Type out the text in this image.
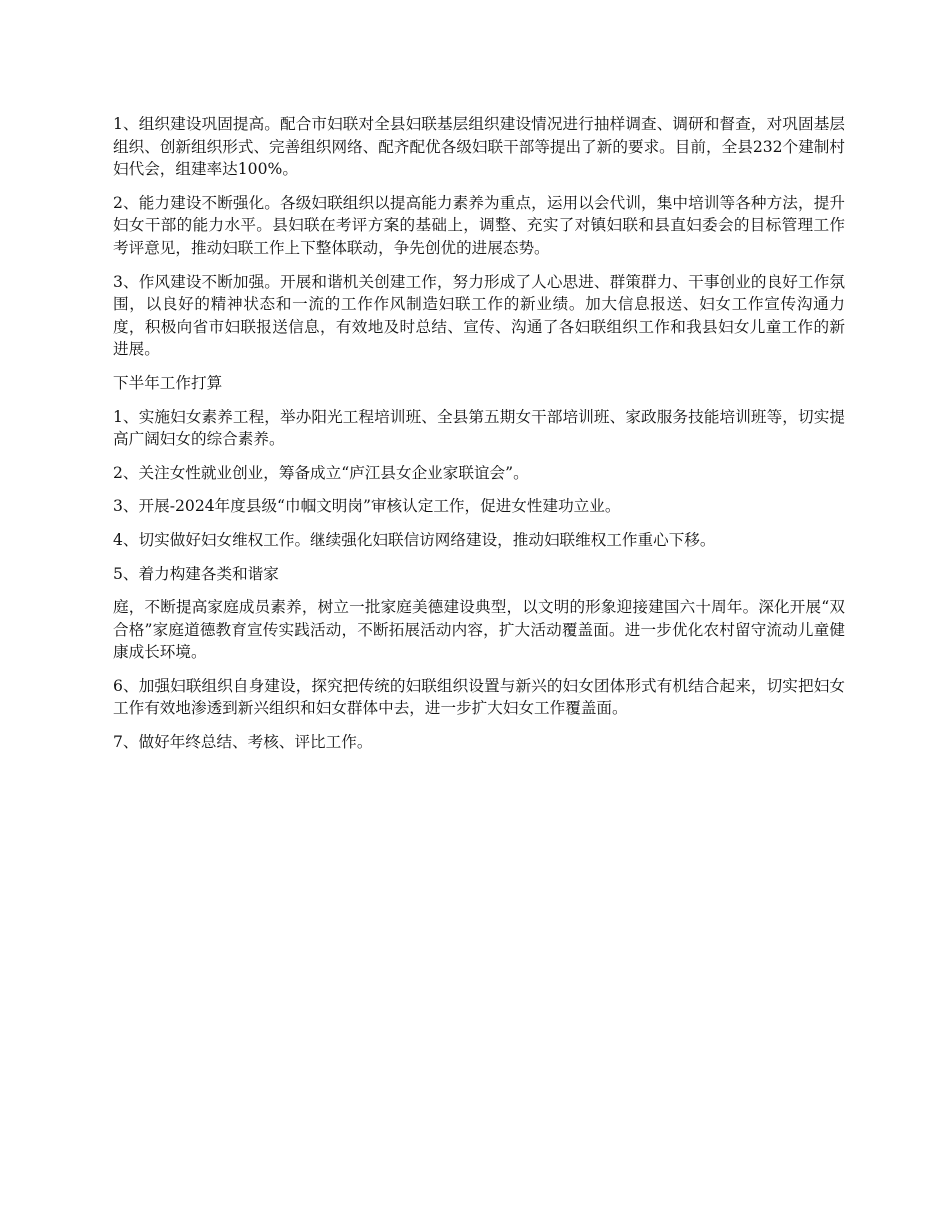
1、组织建设巩固提高。配合市妇联对全县妇联基层组织建设情况进行抽样调查、调研和督查，对巩固基层组织、创新组织形式、完善组织网络、配齐配优各级妇联干部等提出了新的要求。目前，全县232个建制村妇代会，组建率达100%。

2、能力建设不断强化。各级妇联组织以提高能力素养为重点，运用以会代训，集中培训等各种方法，提升妇女干部的能力水平。县妇联在考评方案的基础上，调整、充实了对镇妇联和县直妇委会的目标管理工作考评意见，推动妇联工作上下整体联动，争先创优的进展态势。

3、作风建设不断加强。开展和谐机关创建工作，努力形成了人心思进、群策群力、干事创业的良好工作氛围，以良好的精神状态和一流的工作作风制造妇联工作的新业绩。加大信息报送、妇女工作宣传沟通力度，积极向省市妇联报送信息，有效地及时总结、宣传、沟通了各妇联组织工作和我县妇女儿童工作的新进展。

下半年工作打算

1、实施妇女素养工程，举办阳光工程培训班、全县第五期女干部培训班、家政服务技能培训班等，切实提高广阔妇女的综合素养。

2、关注女性就业创业，筹备成立“庐江县女企业家联谊会”。

3、开展-2024年度县级“巾帼文明岗”审核认定工作，促进女性建功立业。

4、切实做好妇女维权工作。继续强化妇联信访网络建设，推动妇联维权工作重心下移。

5、着力构建各类和谐家

庭，不断提高家庭成员素养，树立一批家庭美德建设典型，以文明的形象迎接建国六十周年。深化开展“双合格”家庭道德教育宣传实践活动，不断拓展活动内容，扩大活动覆盖面。进一步优化农村留守流动儿童健康成长环境。

6、加强妇联组织自身建设，探究把传统的妇联组织设置与新兴的妇女团体形式有机结合起来，切实把妇女工作有效地渗透到新兴组织和妇女群体中去，进一步扩大妇女工作覆盖面。

7、做好年终总结、考核、评比工作。
